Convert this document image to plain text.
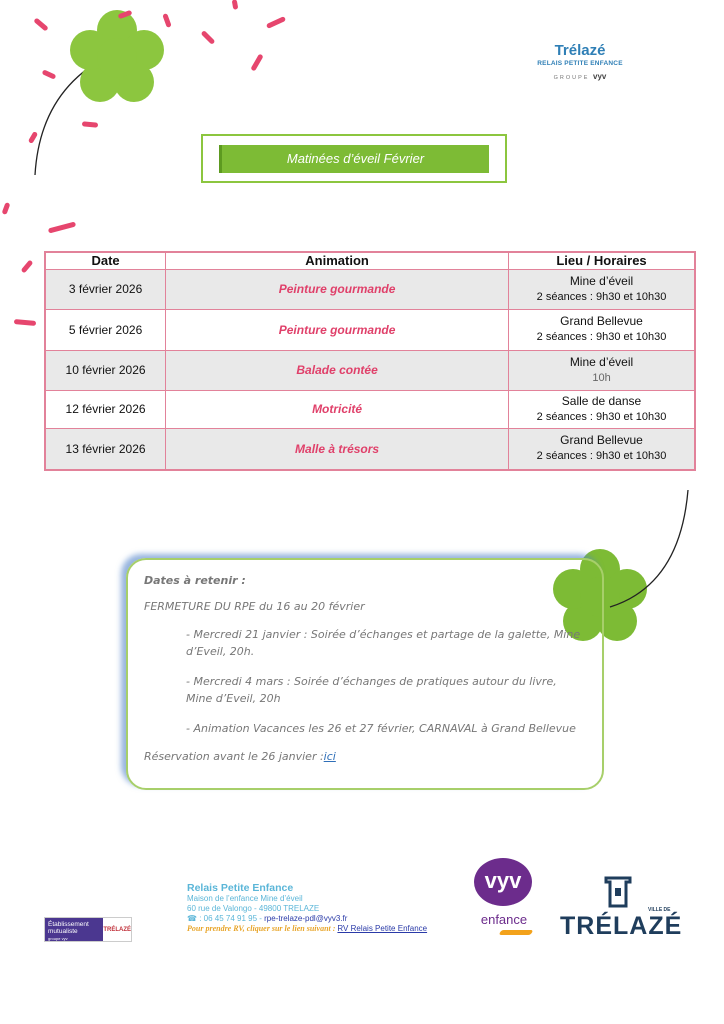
Trélazé
RELAIS PETITE ENFANCE
GROUPE vyv
Matinées d’éveil Février
Date	Animation	Lieu / Horaires
3 février 2026	Peinture gourmande	Mine d’éveil
2 séances : 9h30 et 10h30
5 février 2026	Peinture gourmande	Grand Bellevue
2 séances : 9h30 et 10h30
10 février 2026	Balade contée	Mine d’éveil
10h
12 février 2026	Motricité	Salle de danse
2 séances : 9h30 et 10h30
13 février 2026	Malle à trésors	Grand Bellevue
2 séances : 9h30 et 10h30

Dates à retenir :

FERMETURE DU RPE du 16 au 20 février

- Mercredi 21 janvier : Soirée d’échanges et partage de la galette, Mine d’Eveil, 20h.

- Mercredi 4 mars : Soirée d’échanges de pratiques autour du livre, Mine d’Eveil, 20h

- Animation Vacances les 26 et 27 février, CARNAVAL à Grand Bellevue

Réservation avant le 26 janvier :ici

Relais Petite Enfance
Maison de l’enfance Mine d’éveil
60 rue de Valongo - 49800 TRELAZE
☎ : 06 45 74 91 95 - rpe-trelaze-pdl@vyv3.fr
Pour prendre RV, cliquer sur le lien suivant : RV Relais Petite Enfance
Établissement mutualiste
groupe vyv
TRÉLAZÉ
vyv
enfance
VILLE DE
TRÉLAZÉ
